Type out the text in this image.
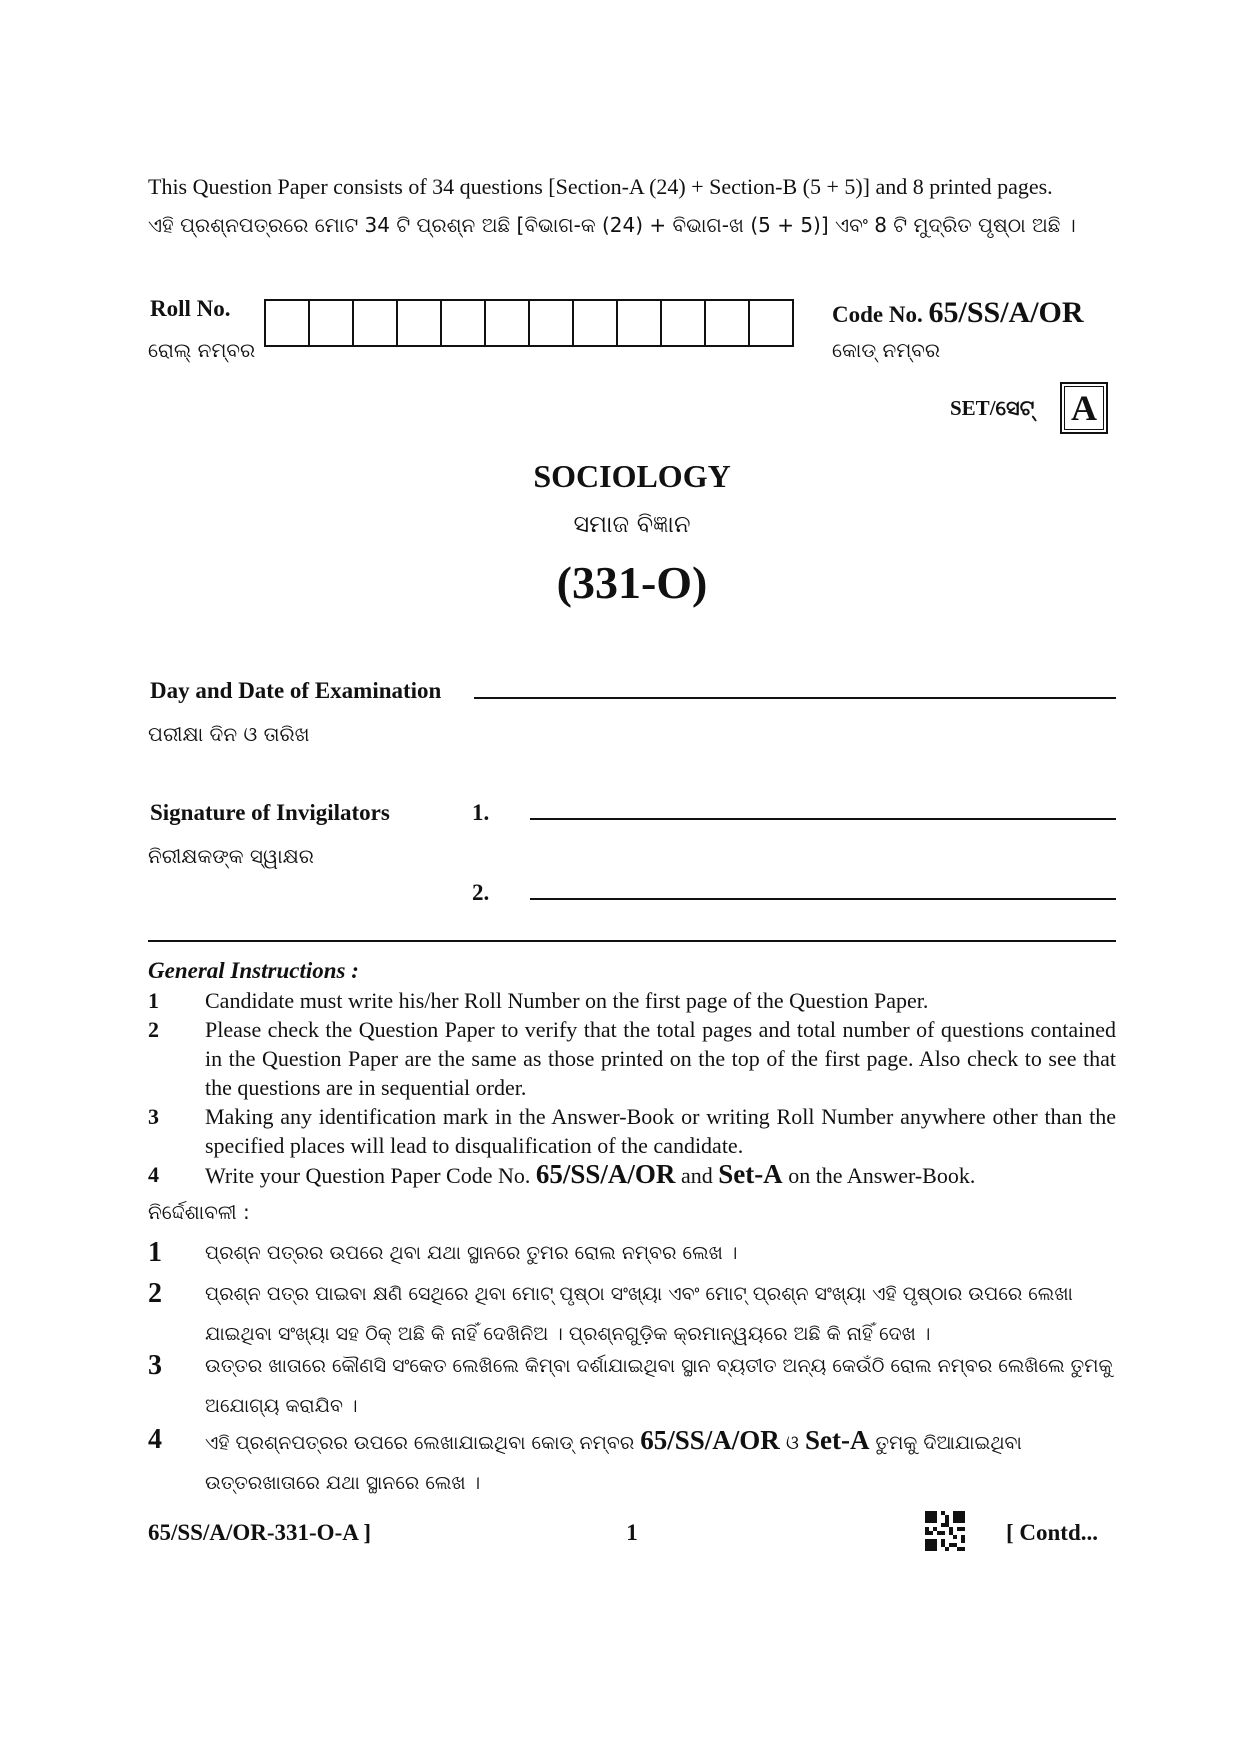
This Question Paper consists of 34 questions [Section-A (24) + Section-B (5 + 5)] and 8 printed pages.
ଏହି ପ୍ରଶ୍ନପତ୍ରରେ ମୋଟ 34 ଟି ପ୍ରଶ୍ନ ଅଛି [ବିଭାଗ-କ (24) + ବିଭାଗ-ଖ (5 + 5)] ଏବଂ 8 ଟି ମୁଦ୍ରିତ ପୃଷ୍ଠା ଅଛି ।
Roll No.
ରୋଲ୍ ନମ୍ବର
Code No. 65/SS/A/OR
କୋଡ୍ ନମ୍ବର
SET/ସେଟ୍ A
SOCIOLOGY
ସମାଜ ବିଜ୍ଞାନ
(331-O)
Day and Date of Examination
ପରୀକ୍ଷା ଦିନ ଓ ତାରିଖ
Signature of Invigilators	1.
ନିରୀକ୍ଷକଙ୍କ ସ୍ୱାକ୍ଷର
2.
General Instructions :
1	Candidate must write his/her Roll Number on the first page of the Question Paper.
2	Please check the Question Paper to verify that the total pages and total number of questions contained in the Question Paper are the same as those printed on the top of the first page. Also check to see that the questions are in sequential order.
3	Making any identification mark in the Answer-Book or writing Roll Number anywhere other than the specified places will lead to disqualification of the candidate.
4	Write your Question Paper Code No. 65/SS/A/OR and Set-A on the Answer-Book.
ନିର୍ଦ୍ଦେଶାବଳୀ :
1	ପ୍ରଶ୍ନ ପତ୍ରର ଉପରେ ଥିବା ଯଥା ସ୍ଥାନରେ ତୁମର ରୋଲ ନମ୍ବର ଲେଖ ।
2	ପ୍ରଶ୍ନ ପତ୍ର ପାଇବା କ୍ଷଣି ସେଥିରେ ଥିବା ମୋଟ୍ ପୃଷ୍ଠା ସଂଖ୍ୟା ଏବଂ ମୋଟ୍ ପ୍ରଶ୍ନ ସଂଖ୍ୟା ଏହି ପୃଷ୍ଠାର ଉପରେ ଲେଖା ଯାଇଥିବା ସଂଖ୍ୟା ସହ ଠିକ୍ ଅଛି କି ନାହିଁ ଦେଖିନିଅ । ପ୍ରଶ୍ନଗୁଡ଼ିକ କ୍ରମାନ୍ୱୟରେ ଅଛି କି ନାହିଁ ଦେଖ ।
3	ଉତ୍ତର ଖାତାରେ କୌଣସି ସଂକେତ ଲେଖିଲେ କିମ୍ବା ଦର୍ଶାଯାଇଥିବା ସ୍ଥାନ ବ୍ୟତୀତ ଅନ୍ୟ କେଉଁଠି ରୋଲ ନମ୍ବର ଲେଖିଲେ ତୁମକୁ ଅଯୋଗ୍ୟ କରାଯିବ ।
4	ଏହି ପ୍ରଶ୍ନପତ୍ରର ଉପରେ ଲେଖାଯାଇଥିବା କୋଡ୍ ନମ୍ବର 65/SS/A/OR ଓ Set-A ତୁମକୁ ଦିଆଯାଇଥିବା ଉତ୍ତରଖାତାରେ ଯଥା ସ୍ଥାନରେ ଲେଖ ।
65/SS/A/OR-331-O-A ]	1	[ Contd...
